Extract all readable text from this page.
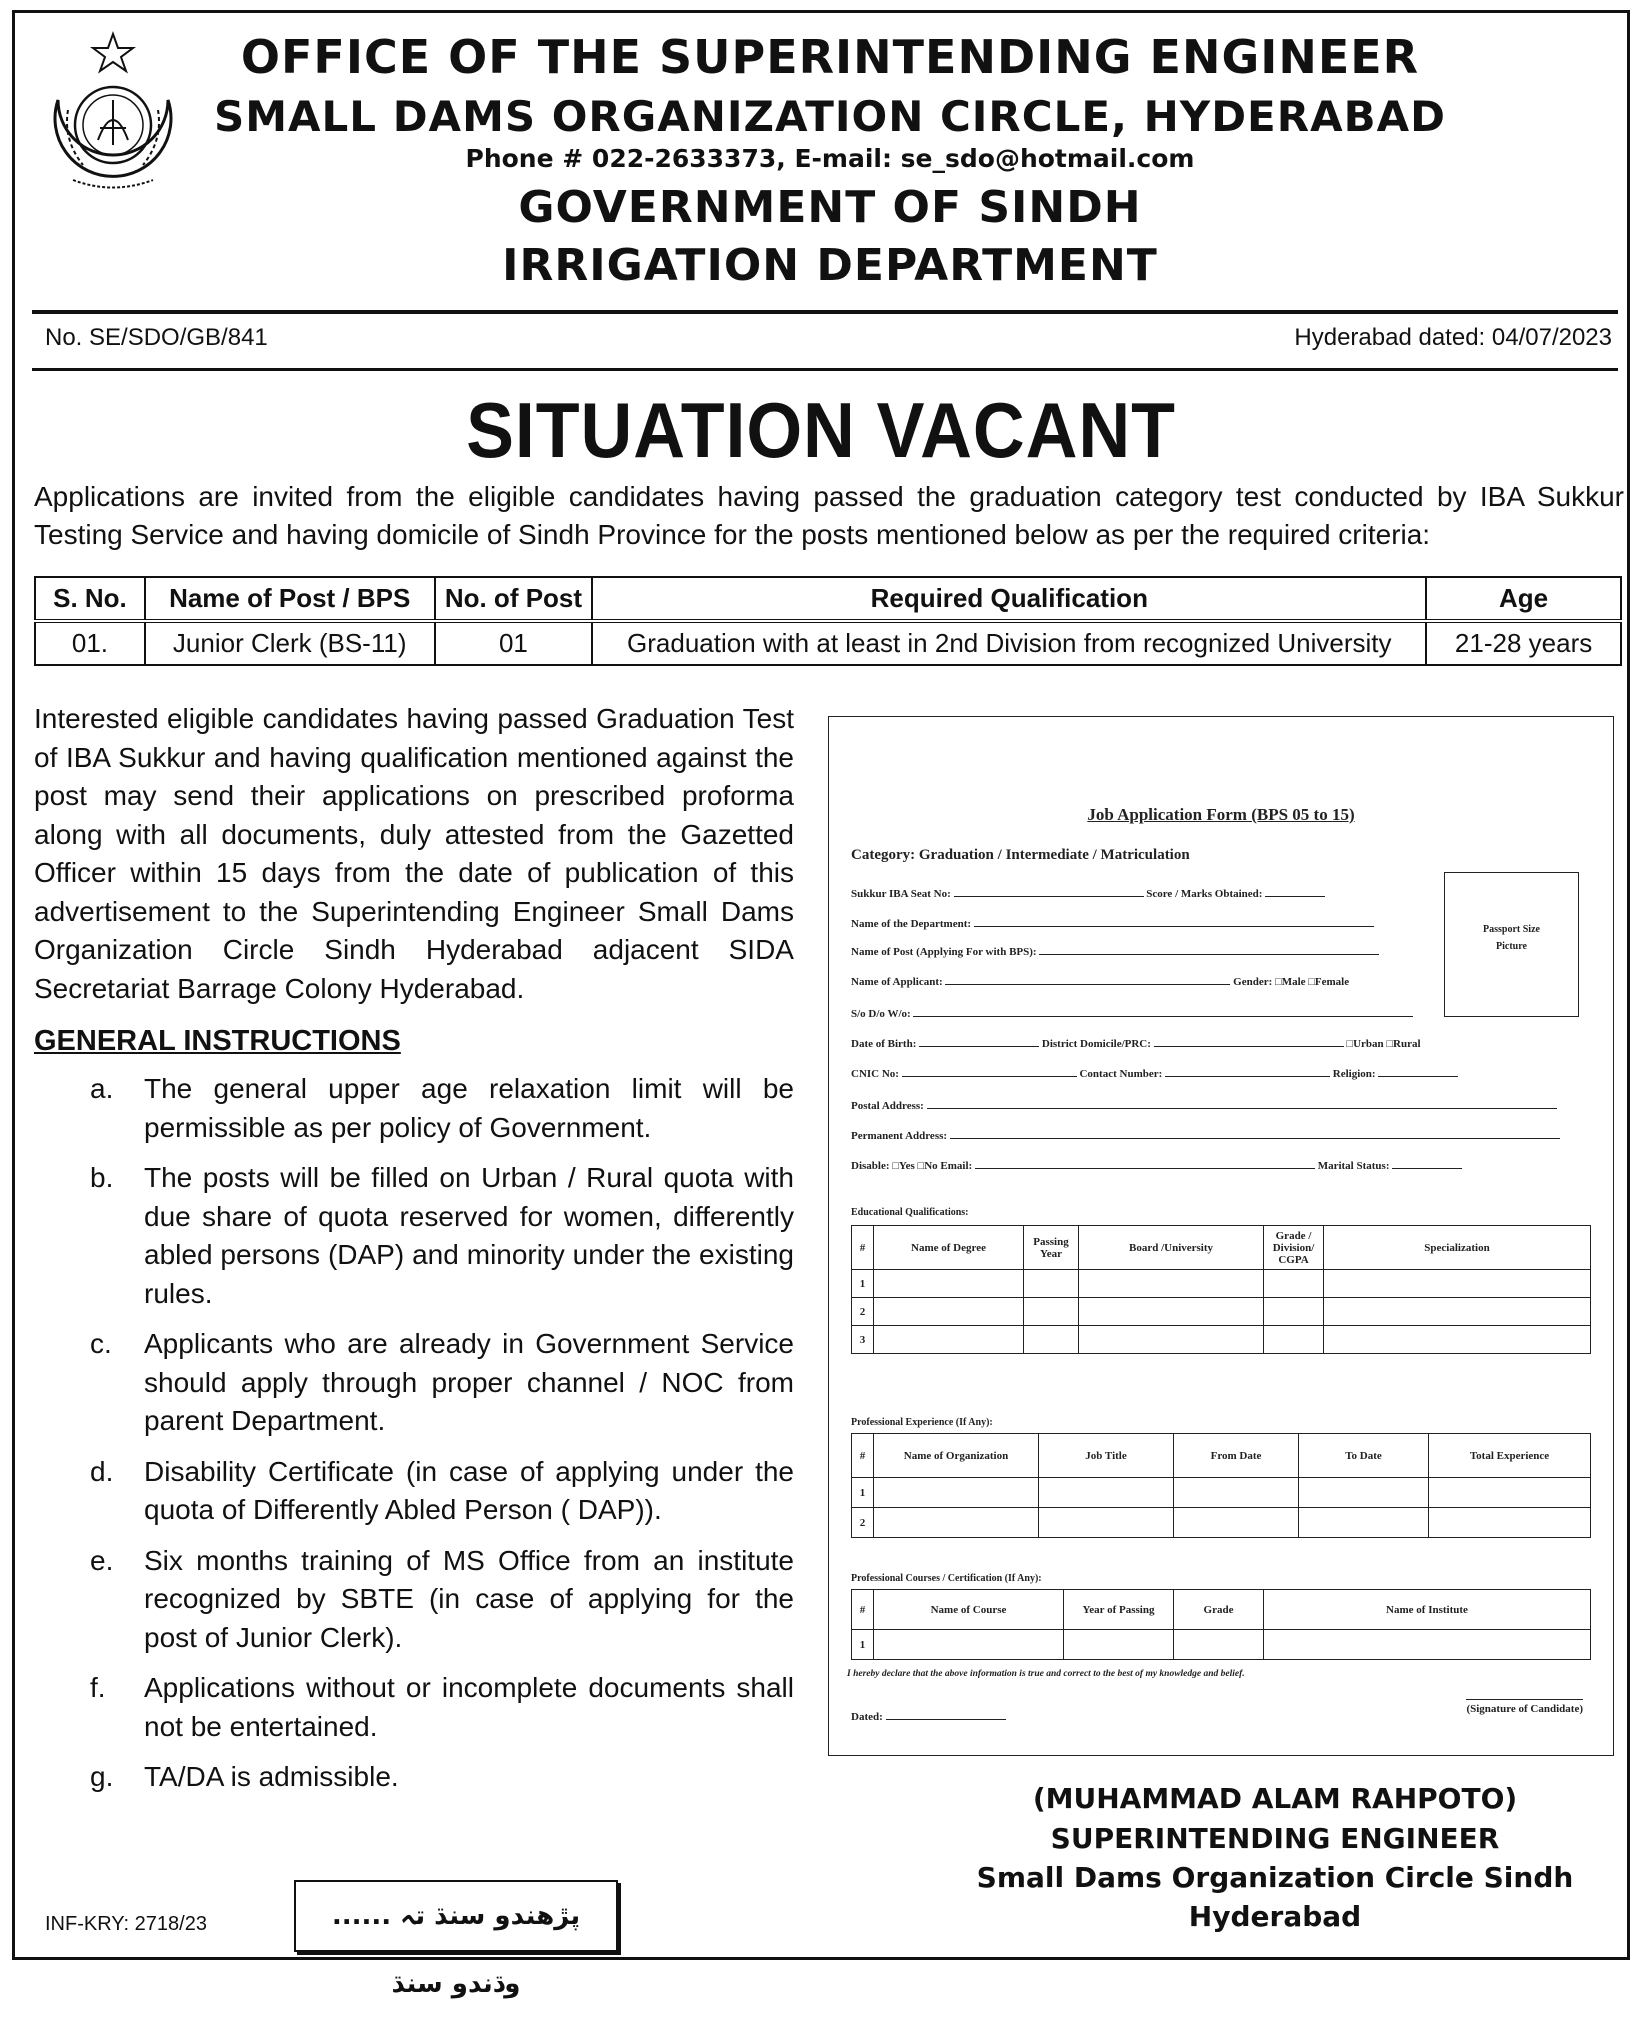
OFFICE OF THE SUPERINTENDING ENGINEER
SMALL DAMS ORGANIZATION CIRCLE, HYDERABAD
Phone # 022-2633373, E-mail: se_sdo@hotmail.com
GOVERNMENT OF SINDH
IRRIGATION DEPARTMENT
No. SE/SDO/GB/841	Hyderabad dated: 04/07/2023
SITUATION VACANT
Applications are invited from the eligible candidates having passed the graduation category test conducted by IBA Sukkur Testing Service and having domicile of Sindh Province for the posts mentioned below as per the required criteria:
S. No.	Name of Post / BPS	No. of Post	Required Qualification	Age
01.	Junior Clerk (BS-11)	01	Graduation with at least in 2nd Division from recognized University	21-28 years
Interested eligible candidates having passed Graduation Test of IBA Sukkur and having qualification mentioned against the post may send their applications on prescribed proforma along with all documents, duly attested from the Gazetted Officer within 15 days from the date of publication of this advertisement to the Superintending Engineer Small Dams Organization Circle Sindh Hyderabad adjacent SIDA Secretariat Barrage Colony Hyderabad.
GENERAL INSTRUCTIONS
a. The general upper age relaxation limit will be permissible as per policy of Government.
b. The posts will be filled on Urban / Rural quota with due share of quota reserved for women, differently abled persons (DAP) and minority under the existing rules.
c. Applicants who are already in Government Service should apply through proper channel / NOC from parent Department.
d. Disability Certificate (in case of applying under the quota of Differently Abled Person ( DAP)).
e. Six months training of MS Office from an institute recognized by SBTE (in case of applying for the post of Junior Clerk).
f. Applications without or incomplete documents shall not be entertained.
g. TA/DA is admissible.
Job Application Form (BPS 05 to 15)
Category: Graduation / Intermediate / Matriculation
Sukkur IBA Seat No:	Score / Marks Obtained:
Name of the Department:
Name of Post (Applying For with BPS):
Name of Applicant:	Gender: □Male □Female
S/o D/o W/o:
Date of Birth:	District Domicile/PRC:	□Urban □Rural
CNIC No:	Contact Number:	Religion:
Postal Address:
Permanent Address:
Disable: □Yes □No Email:	Marital Status:
Passport Size
Picture
Educational Qualifications:
#	Name of Degree	Passing Year	Board /University	Grade / Division/ CGPA	Specialization
1					
2					
3					
Professional Experience (If Any):
#	Name of Organization	Job Title	From Date	To Date	Total Experience
1					
2					
Professional Courses / Certification (If Any):
#	Name of Course	Year of Passing	Grade	Name of Institute
1				
I hereby declare that the above information is true and correct to the best of my knowledge and belief.
Dated:
(Signature of Candidate)
(MUHAMMAD ALAM RAHPOTO)
SUPERINTENDING ENGINEER
Small Dams Organization Circle Sindh
Hyderabad
INF-KRY: 2718/23	پڙهندو سنڌ تہ ...... وڌندو سنڌ
